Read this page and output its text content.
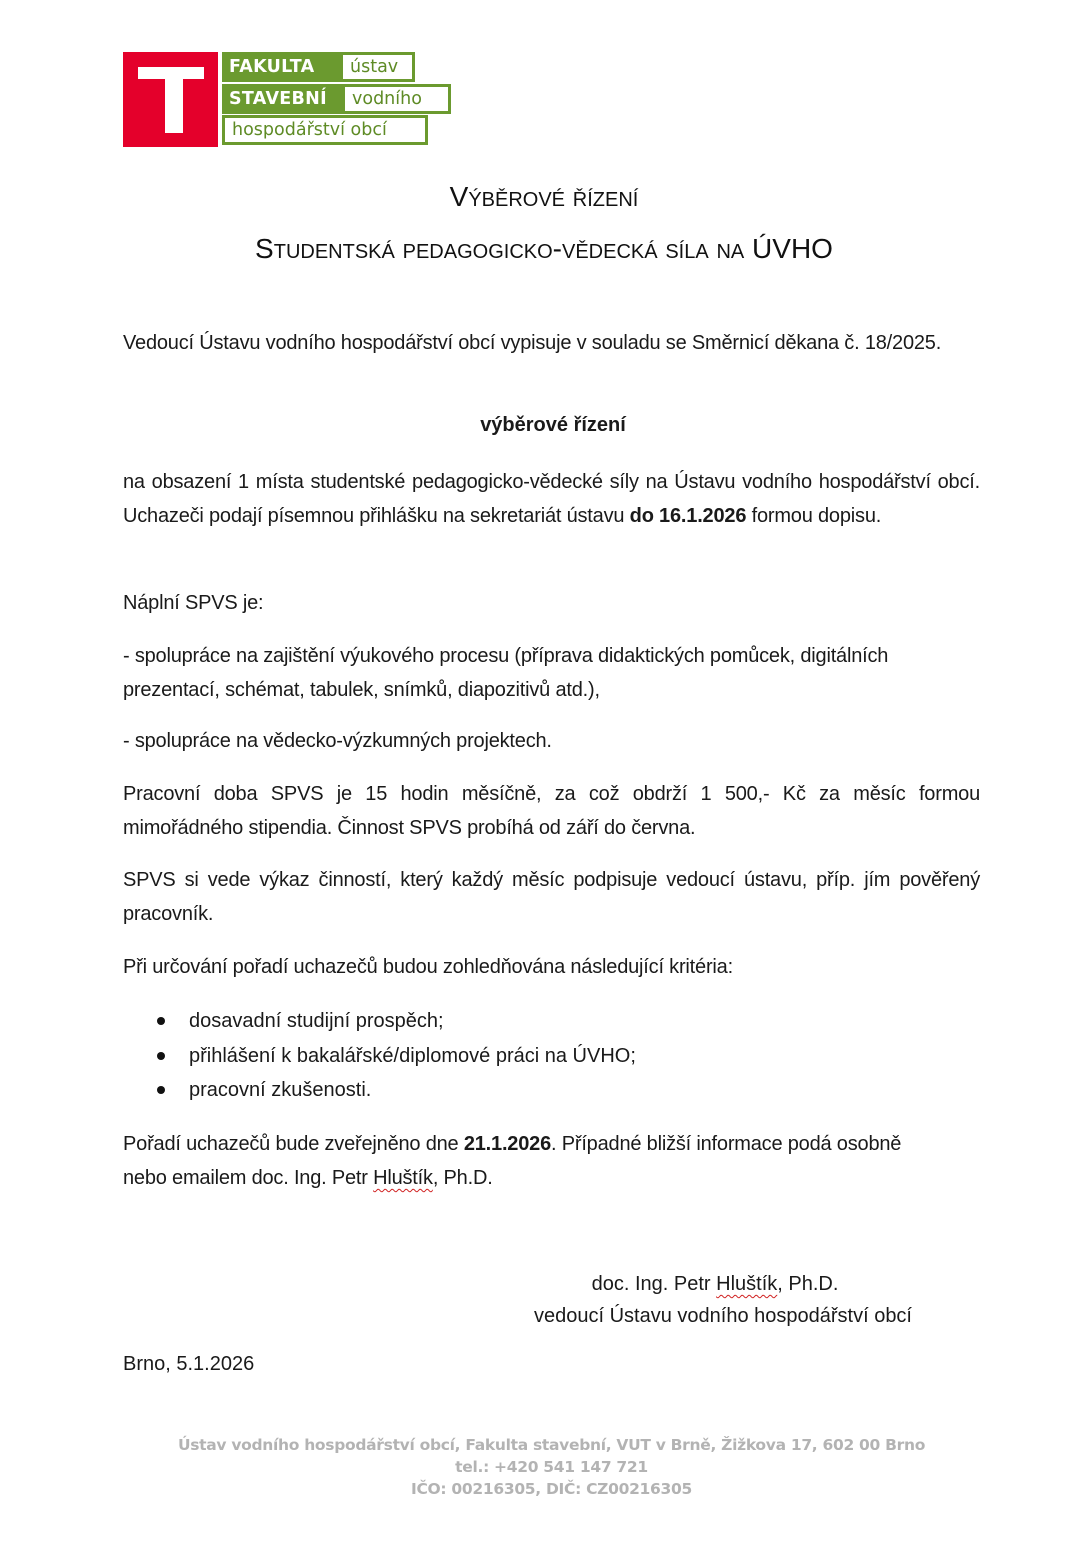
FAKULTA	ústav
STAVEBNÍ	vodního
hospodářství obcí
Výběrové řízení
Studentská pedagogicko-vědecká síla na ÚVHO
Vedoucí Ústavu vodního hospodářství obcí vypisuje v souladu se Směrnicí děkana č. 18/2025.
výběrové řízení
na obsazení 1 místa studentské pedagogicko-vědecké síly na Ústavu vodního hospodářství obcí. Uchazeči podají písemnou přihlášku na sekretariát ústavu do 16.1.2026 formou dopisu.
Náplní SPVS je:
- spolupráce na zajištění výukového procesu (příprava didaktických pomůcek, digitálních prezentací, schémat, tabulek, snímků, diapozitivů atd.),
- spolupráce na vědecko-výzkumných projektech.
Pracovní doba SPVS je 15 hodin měsíčně, za což obdrží 1 500,- Kč za měsíc formou mimořádného stipendia. Činnost SPVS probíhá od září do června.
SPVS si vede výkaz činností, který každý měsíc podpisuje vedoucí ústavu, příp. jím pověřený pracovník.
Při určování pořadí uchazečů budou zohledňována následující kritéria:
dosavadní studijní prospěch;
přihlášení k bakalářské/diplomové práci na ÚVHO;
pracovní zkušenosti.
Pořadí uchazečů bude zveřejněno dne 21.1.2026. Případné bližší informace podá osobně nebo emailem doc. Ing. Petr Hluštík, Ph.D.
doc. Ing. Petr Hluštík, Ph.D.
vedoucí Ústavu vodního hospodářství obcí
Brno, 5.1.2026
Ústav vodního hospodářství obcí, Fakulta stavební, VUT v Brně, Žižkova 17, 602 00 Brno
tel.: +420 541 147 721
IČO: 00216305, DIČ: CZ00216305
